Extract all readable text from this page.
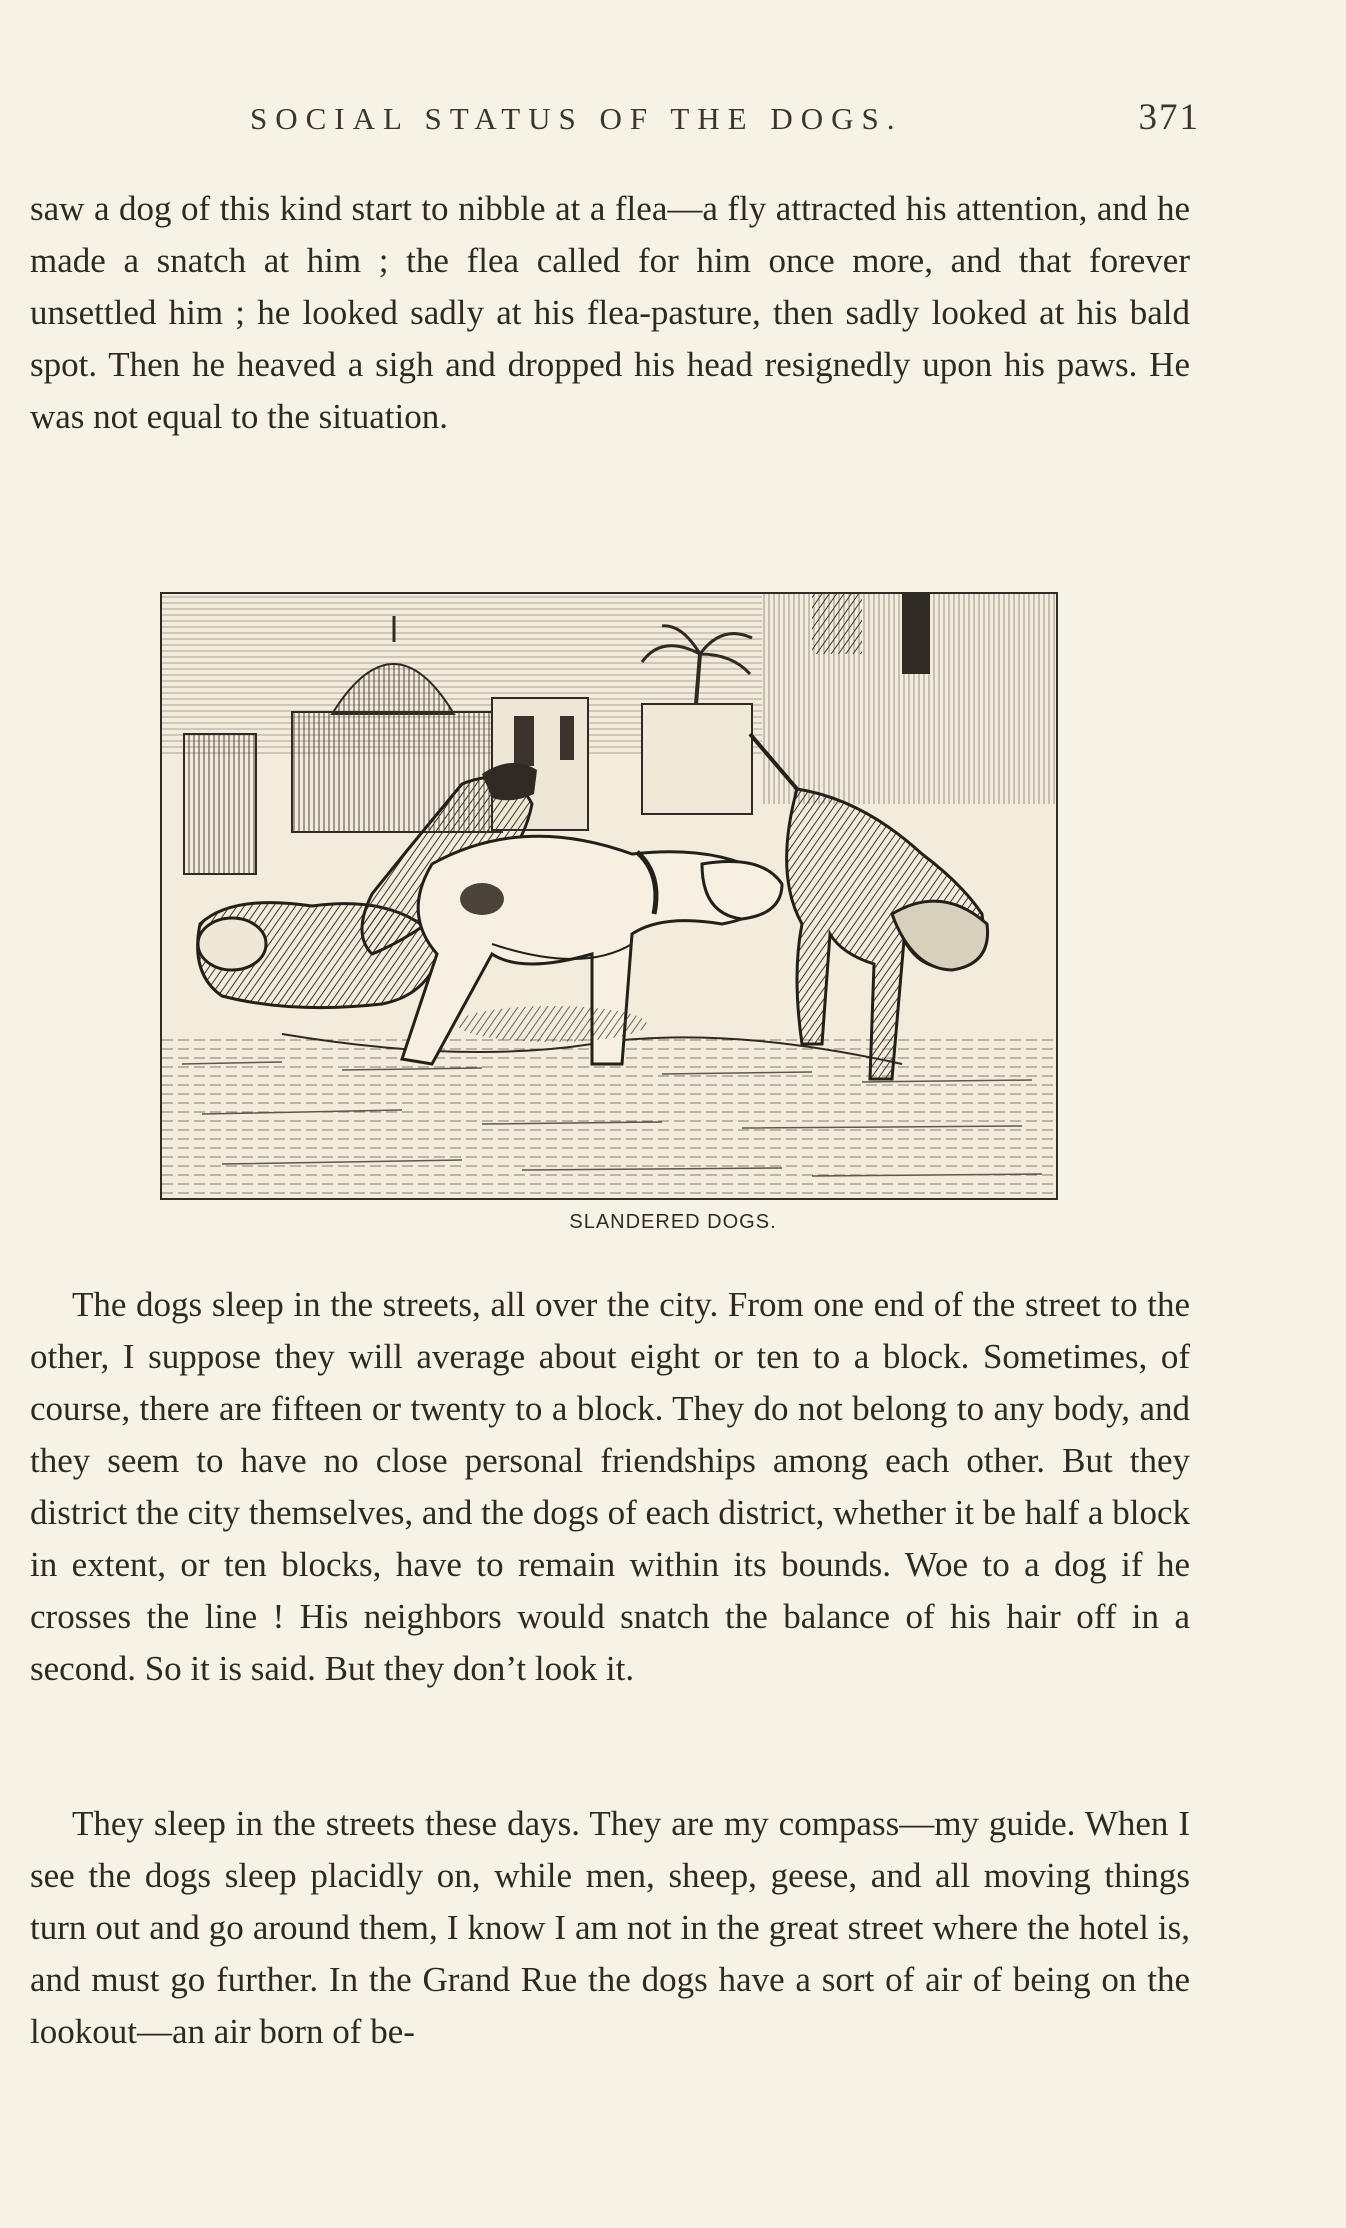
SOCIAL STATUS OF THE DOGS.	371
saw a dog of this kind start to nibble at a flea—a fly attracted his attention, and he made a snatch at him ; the flea called for him once more, and that forever unsettled him ; he looked sadly at his flea-pasture, then sadly looked at his bald spot. Then he heaved a sigh and dropped his head resignedly upon his paws. He was not equal to the situation.
SLANDERED DOGS.
The dogs sleep in the streets, all over the city. From one end of the street to the other, I suppose they will average about eight or ten to a block. Sometimes, of course, there are fifteen or twenty to a block. They do not belong to any body, and they seem to have no close personal friendships among each other. But they district the city themselves, and the dogs of each district, whether it be half a block in extent, or ten blocks, have to remain within its bounds. Woe to a dog if he crosses the line ! His neighbors would snatch the balance of his hair off in a second. So it is said. But they don’t look it.
They sleep in the streets these days. They are my compass—my guide. When I see the dogs sleep placidly on, while men, sheep, geese, and all moving things turn out and go around them, I know I am not in the great street where the hotel is, and must go further. In the Grand Rue the dogs have a sort of air of being on the lookout—an air born of be-
